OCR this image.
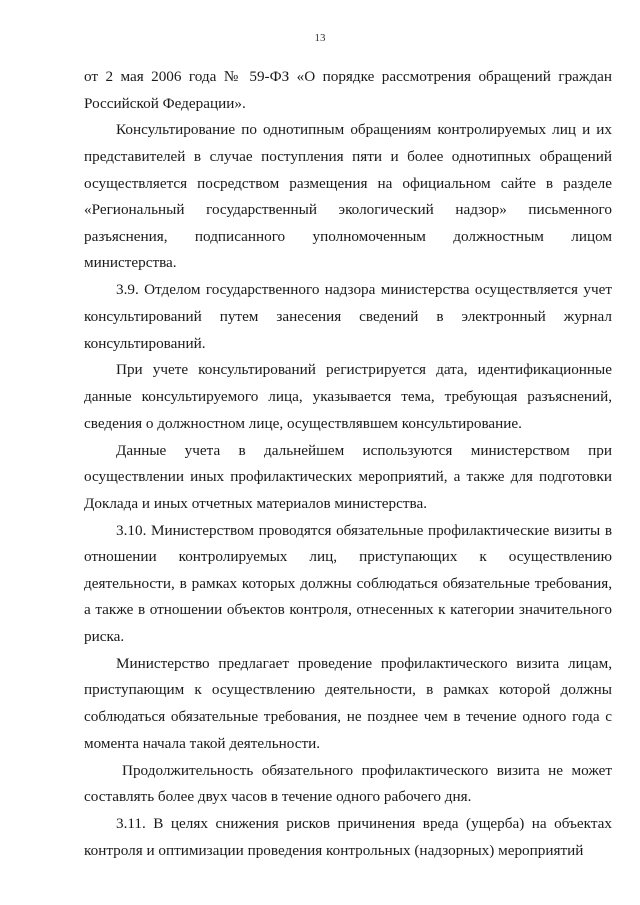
13

от 2 мая 2006 года № 59-ФЗ «О порядке рассмотрения обращений граждан Российской Федерации».

Консультирование по однотипным обращениям контролируемых лиц и их представителей в случае поступления пяти и более однотипных обращений осуществляется посредством размещения на официальном сайте в разделе «Региональный государственный экологический надзор» письменного разъяснения, подписанного уполномоченным должностным лицом министерства.

3.9. Отделом государственного надзора министерства осуществляется учет консультирований путем занесения сведений в электронный журнал консультирований.

При учете консультирований регистрируется дата, идентификационные данные консультируемого лица, указывается тема, требующая разъяснений, сведения о должностном лице, осуществлявшем консультирование.

Данные учета в дальнейшем используются министерством при осуществлении иных профилактических мероприятий, а также для подготовки Доклада и иных отчетных материалов министерства.

3.10. Министерством проводятся обязательные профилактические визиты в отношении контролируемых лиц, приступающих к осуществлению деятельности, в рамках которых должны соблюдаться обязательные требования, а также в отношении объектов контроля, отнесенных к категории значительного риска.

Министерство предлагает проведение профилактического визита лицам, приступающим к осуществлению деятельности, в рамках которой должны соблюдаться обязательные требования, не позднее чем в течение одного года с момента начала такой деятельности.

Продолжительность обязательного профилактического визита не может составлять более двух часов в течение одного рабочего дня.

3.11. В целях снижения рисков причинения вреда (ущерба) на объектах контроля и оптимизации проведения контрольных (надзорных) мероприятий
